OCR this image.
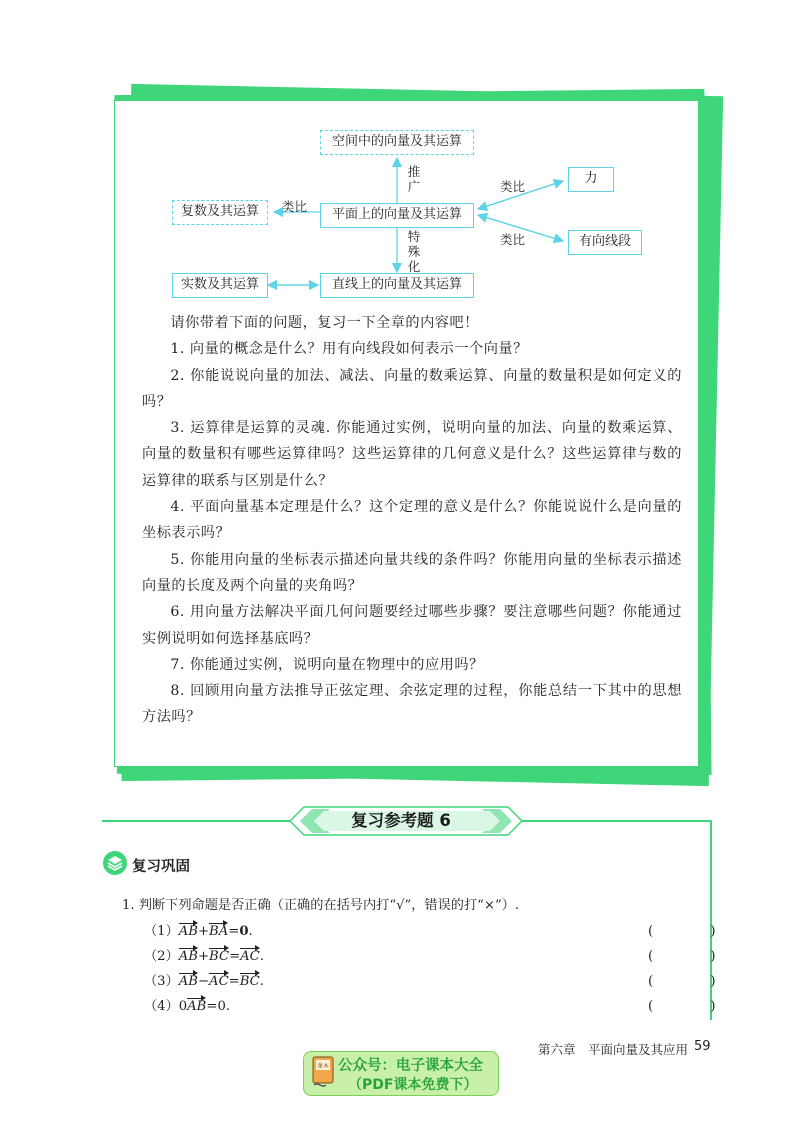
空间中的向量及其运算
平面上的向量及其运算
复数及其运算
力
有向线段
实数及其运算	直线上的向量及其运算
推广
类比
类比
类比
特殊化

请你带着下面的问题，复习一下全章的内容吧！

1. 向量的概念是什么？用有向线段如何表示一个向量？

2. 你能说说向量的加法、减法、向量的数乘运算、向量的数量积是如何定义的吗？

3. 运算律是运算的灵魂. 你能通过实例，说明向量的加法、向量的数乘运算、向量的数量积有哪些运算律吗？这些运算律的几何意义是什么？这些运算律与数的运算律的联系与区别是什么？

4. 平面向量基本定理是什么？这个定理的意义是什么？你能说说什么是向量的坐标表示吗？

5. 你能用向量的坐标表示描述向量共线的条件吗？你能用向量的坐标表示描述向量的长度及两个向量的夹角吗？

6. 用向量方法解决平面几何问题要经过哪些步骤？要注意哪些问题？你能通过实例说明如何选择基底吗？

7. 你能通过实例，说明向量在物理中的应用吗？

8. 回顾用向量方法推导正弦定理、余弦定理的过程，你能总结一下其中的思想方法吗？

复习参考题 6
复习巩固
1. 判断下列命题是否正确（正确的在括号内打“√”，错误的打“×”）.
（1）AB+BA=0.	(　)
（2）AB+BC=AC.	(　)
（3）AB−AC=BC.	(　)
（4）0AB=0.	(　)
第六章　平面向量及其应用 59
课本 公众号：电子课本大全
（PDF课本免费下）
